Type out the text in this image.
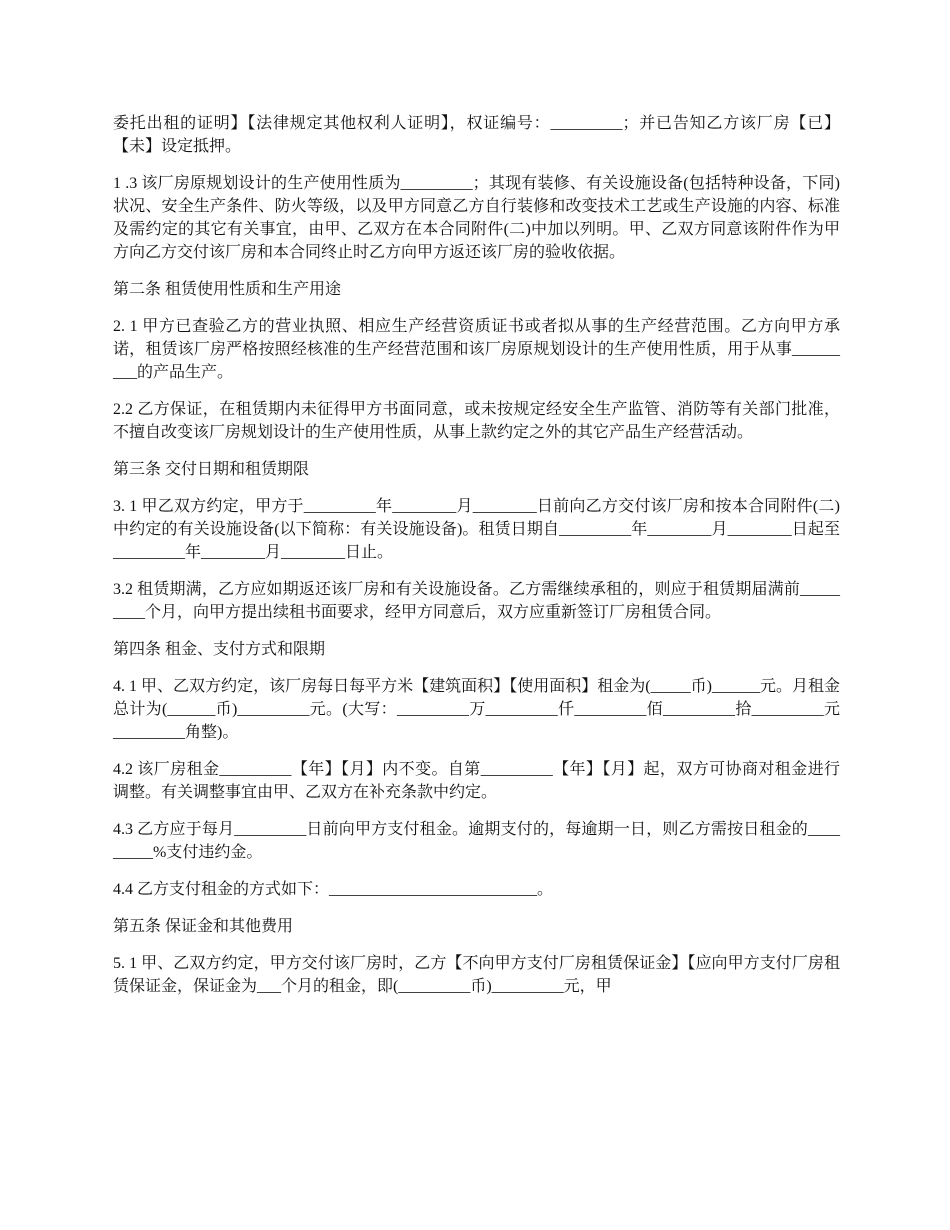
委托出租的证明】【法律规定其他权利人证明】，权证编号：_________；并已告知乙方该厂房【已】【未】设定抵押。

1 .3 该厂房原规划设计的生产使用性质为_________；其现有装修、有关设施设备(包括特种设备，下同)状况、安全生产条件、防火等级，以及甲方同意乙方自行装修和改变技术工艺或生产设施的内容、标准及需约定的其它有关事宜，由甲、乙双方在本合同附件(二)中加以列明。甲、乙双方同意该附件作为甲方向乙方交付该厂房和本合同终止时乙方向甲方返还该厂房的验收依据。

第二条 租赁使用性质和生产用途

2. 1 甲方已查验乙方的营业执照、相应生产经营资质证书或者拟从事的生产经营范围。乙方向甲方承诺，租赁该厂房严格按照经核准的生产经营范围和该厂房原规划设计的生产使用性质，用于从事_________的产品生产。

2.2 乙方保证，在租赁期内未征得甲方书面同意，或未按规定经安全生产监管、消防等有关部门批准，不擅自改变该厂房规划设计的生产使用性质，从事上款约定之外的其它产品生产经营活动。

第三条 交付日期和租赁期限

3. 1 甲乙双方约定，甲方于_________年________月________日前向乙方交付该厂房和按本合同附件(二)中约定的有关设施设备(以下简称：有关设施设备)。租赁日期自_________年________月________日起至_________年________月________日止。

3.2 租赁期满，乙方应如期返还该厂房和有关设施设备。乙方需继续承租的，则应于租赁期届满前_________个月，向甲方提出续租书面要求，经甲方同意后，双方应重新签订厂房租赁合同。

第四条 租金、支付方式和限期

4. 1 甲、乙双方约定，该厂房每日每平方米【建筑面积】【使用面积】租金为(_____币)______元。月租金总计为(______币)_________元。(大写：_________万_________仟_________佰_________拾_________元_________角整)。

4.2 该厂房租金_________【年】【月】内不变。自第_________【年】【月】起，双方可协商对租金进行调整。有关调整事宜由甲、乙双方在补充条款中约定。

4.3 乙方应于每月_________日前向甲方支付租金。逾期支付的，每逾期一日，则乙方需按日租金的_________%支付违约金。

4.4 乙方支付租金的方式如下：__________________________。

第五条 保证金和其他费用

5. 1 甲、乙双方约定，甲方交付该厂房时，乙方【不向甲方支付厂房租赁保证金】【应向甲方支付厂房租赁保证金，保证金为___个月的租金，即(_________币)_________元，甲
